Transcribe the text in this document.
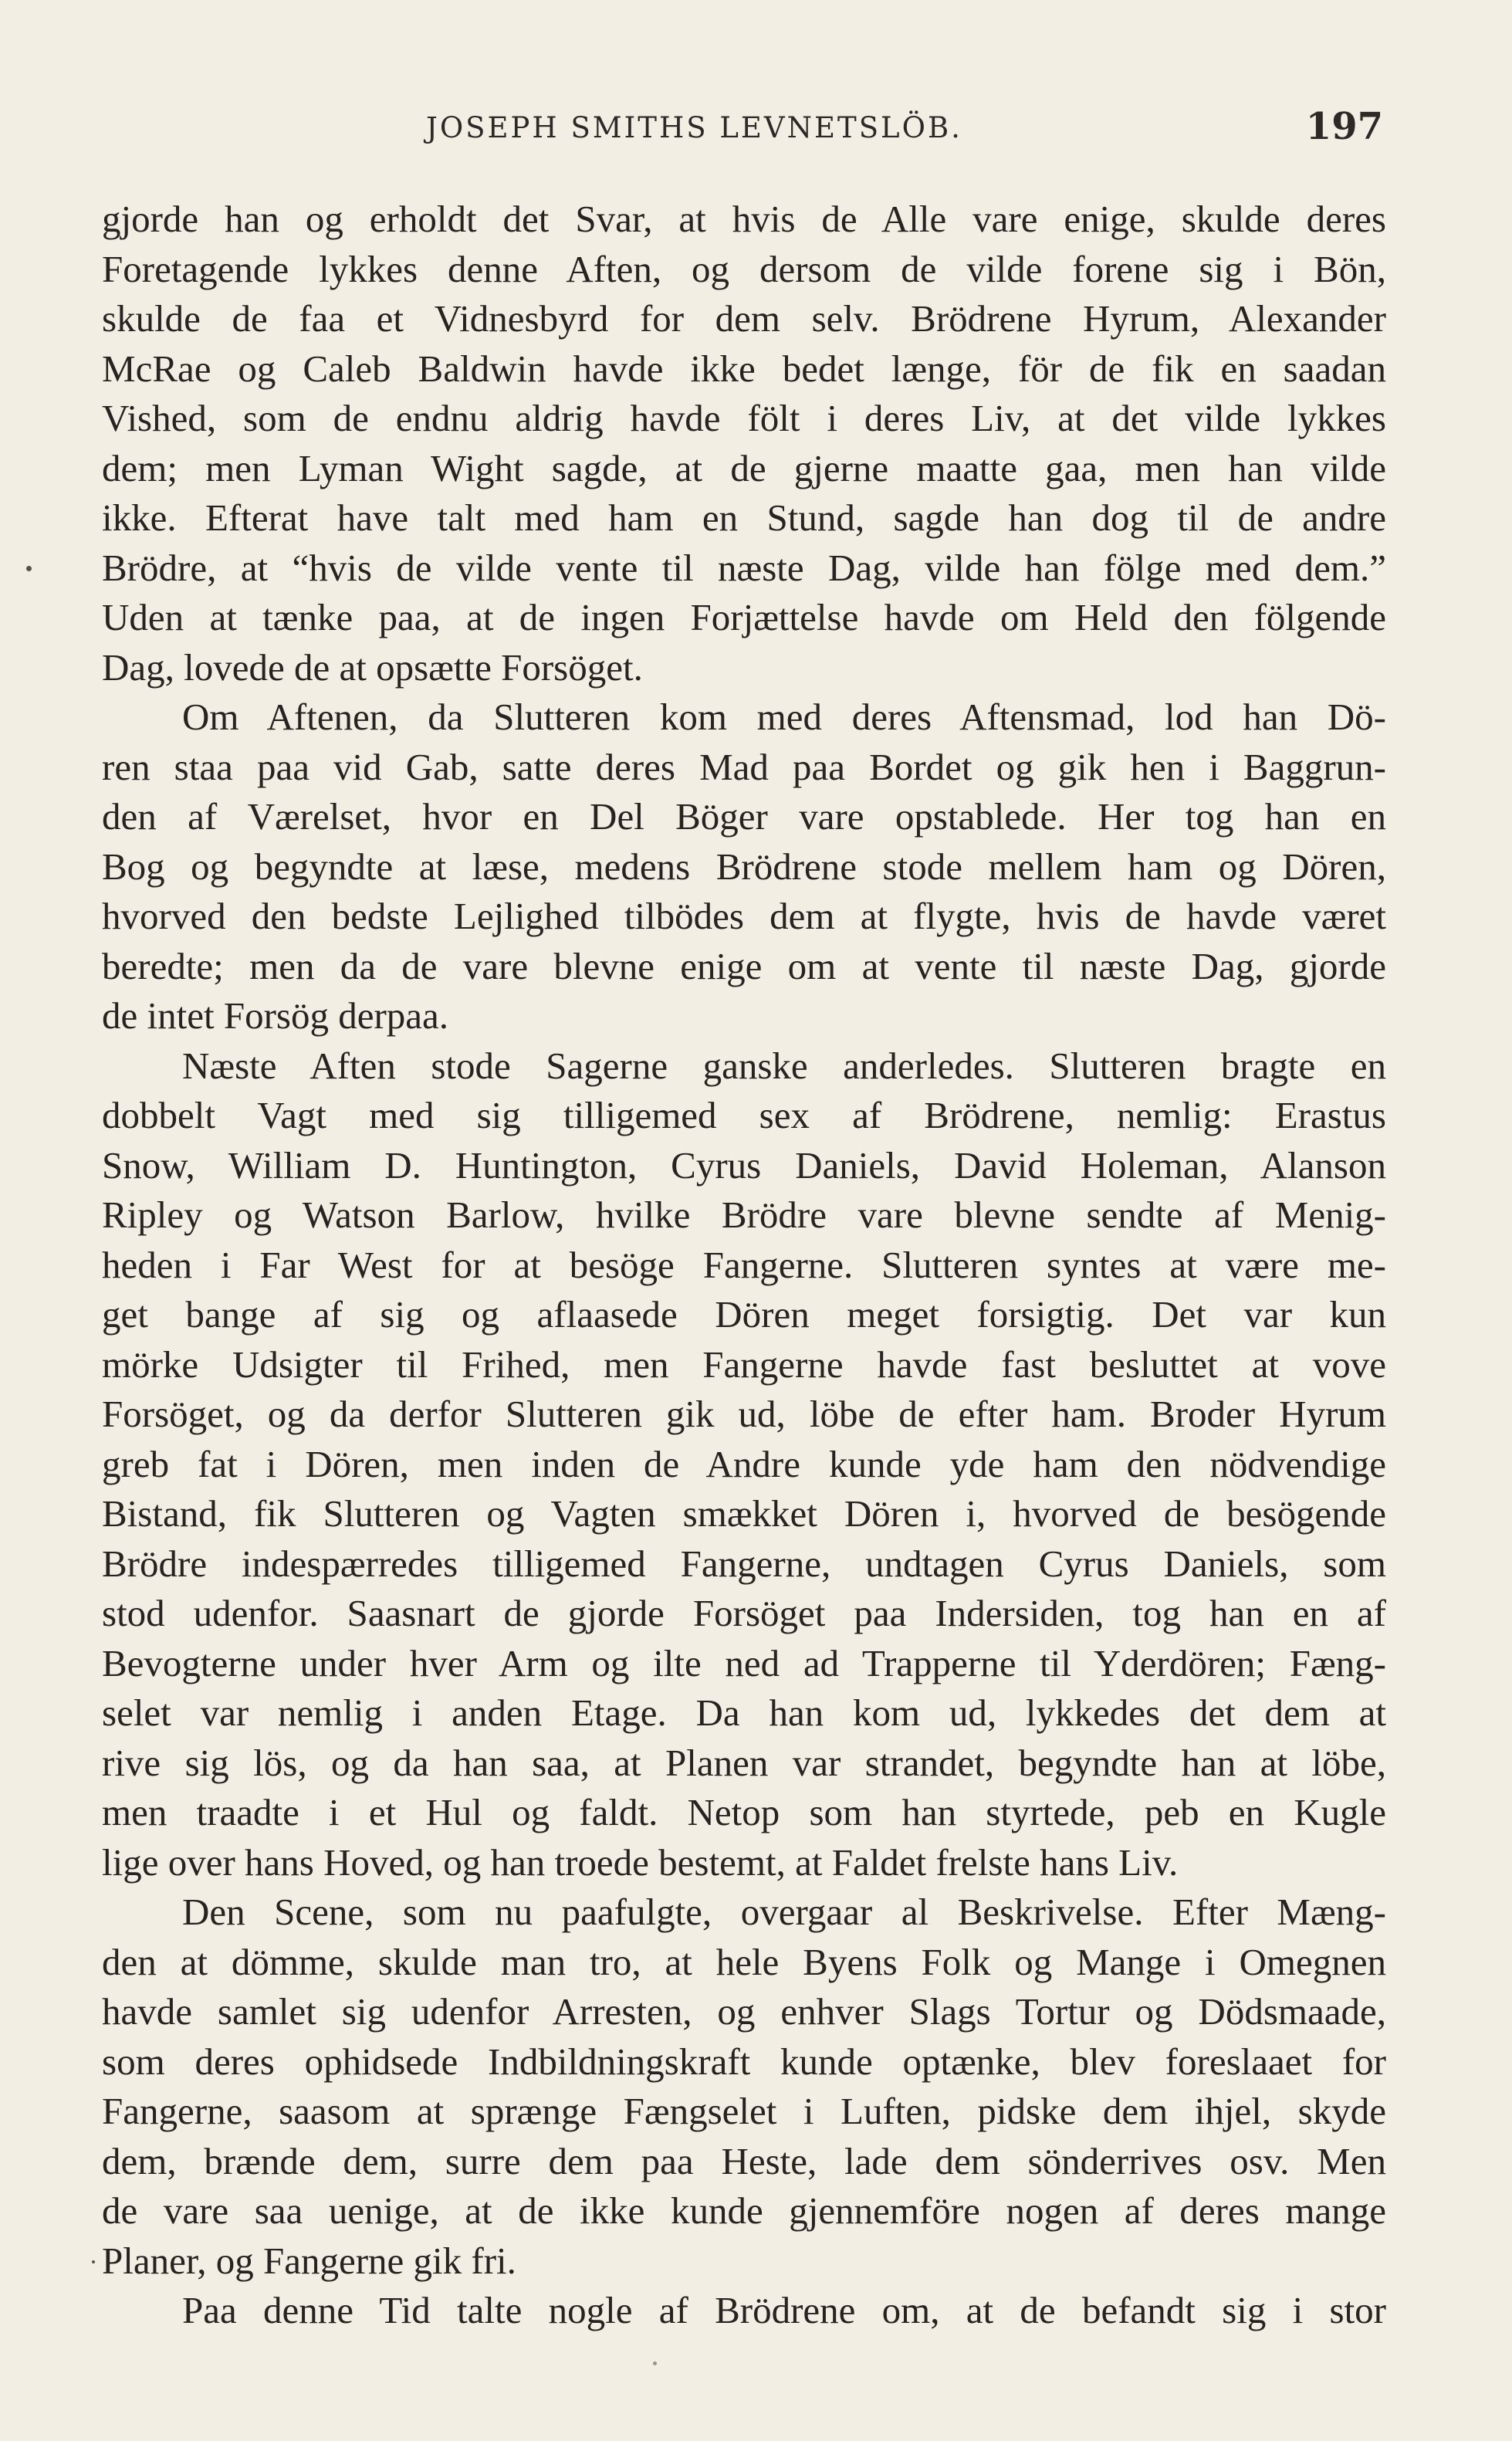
JOSEPH SMITHS LEVNETSLÖB.	197
gjorde han og erholdt det Svar, at hvis de Alle vare enige, skulde deres
Foretagende lykkes denne Aften, og dersom de vilde forene sig i Bön,
skulde de faa et Vidnesbyrd for dem selv. Brödrene Hyrum, Alexander
McRae og Caleb Baldwin havde ikke bedet længe, för de fik en saadan
Vished, som de endnu aldrig havde fölt i deres Liv, at det vilde lykkes
dem; men Lyman Wight sagde, at de gjerne maatte gaa, men han vilde
ikke. Efterat have talt med ham en Stund, sagde han dog til de andre
Brödre, at “hvis de vilde vente til næste Dag, vilde han fölge med dem.”
Uden at tænke paa, at de ingen Forjættelse havde om Held den fölgende
Dag, lovede de at opsætte Forsöget.
Om Aftenen, da Slutteren kom med deres Aftensmad, lod han Dö-
ren staa paa vid Gab, satte deres Mad paa Bordet og gik hen i Baggrun-
den af Værelset, hvor en Del Böger vare opstablede. Her tog han en
Bog og begyndte at læse, medens Brödrene stode mellem ham og Dören,
hvorved den bedste Lejlighed tilbödes dem at flygte, hvis de havde været
beredte; men da de vare blevne enige om at vente til næste Dag, gjorde
de intet Forsög derpaa.
Næste Aften stode Sagerne ganske anderledes. Slutteren bragte en
dobbelt Vagt med sig tilligemed sex af Brödrene, nemlig: Erastus
Snow, William D. Huntington, Cyrus Daniels, David Holeman, Alanson
Ripley og Watson Barlow, hvilke Brödre vare blevne sendte af Menig-
heden i Far West for at besöge Fangerne. Slutteren syntes at være me-
get bange af sig og aflaasede Dören meget forsigtig. Det var kun
mörke Udsigter til Frihed, men Fangerne havde fast besluttet at vove
Forsöget, og da derfor Slutteren gik ud, löbe de efter ham. Broder Hyrum
greb fat i Dören, men inden de Andre kunde yde ham den nödvendige
Bistand, fik Slutteren og Vagten smækket Dören i, hvorved de besögende
Brödre indespærredes tilligemed Fangerne, undtagen Cyrus Daniels, som
stod udenfor. Saasnart de gjorde Forsöget paa Indersiden, tog han en af
Bevogterne under hver Arm og ilte ned ad Trapperne til Yderdören; Fæng-
selet var nemlig i anden Etage. Da han kom ud, lykkedes det dem at
rive sig lös, og da han saa, at Planen var strandet, begyndte han at löbe,
men traadte i et Hul og faldt. Netop som han styrtede, peb en Kugle
lige over hans Hoved, og han troede bestemt, at Faldet frelste hans Liv.
Den Scene, som nu paafulgte, overgaar al Beskrivelse. Efter Mæng-
den at dömme, skulde man tro, at hele Byens Folk og Mange i Omegnen
havde samlet sig udenfor Arresten, og enhver Slags Tortur og Dödsmaade,
som deres ophidsede Indbildningskraft kunde optænke, blev foreslaaet for
Fangerne, saasom at sprænge Fængselet i Luften, pidske dem ihjel, skyde
dem, brænde dem, surre dem paa Heste, lade dem sönderrives osv. Men
de vare saa uenige, at de ikke kunde gjennemföre nogen af deres mange
Planer, og Fangerne gik fri.
Paa denne Tid talte nogle af Brödrene om, at de befandt sig i stor
